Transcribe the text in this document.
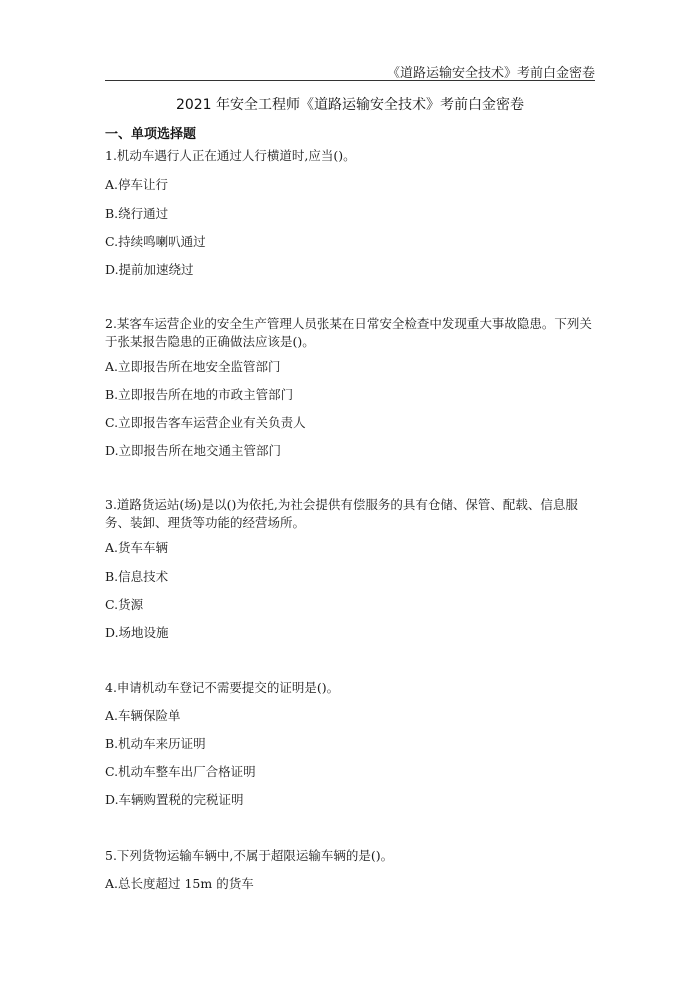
《道路运输安全技术》考前白金密卷
2021 年安全工程师《道路运输安全技术》考前白金密卷
一、单项选择题
1.机动车遇行人正在通过人行横道时,应当()。
A.停车让行
B.绕行通过
C.持续鸣喇叭通过
D.提前加速绕过
2.某客车运营企业的安全生产管理人员张某在日常安全检查中发现重大事故隐患。下列关
于张某报告隐患的正确做法应该是()。
A.立即报告所在地安全监管部门
B.立即报告所在地的市政主管部门
C.立即报告客车运营企业有关负责人
D.立即报告所在地交通主管部门
3.道路货运站(场)是以()为依托,为社会提供有偿服务的具有仓储、保管、配载、信息服
务、装卸、理货等功能的经营场所。
A.货车车辆
B.信息技术
C.货源
D.场地设施
4.申请机动车登记不需要提交的证明是()。
A.车辆保险单
B.机动车来历证明
C.机动车整车出厂合格证明
D.车辆购置税的完税证明
5.下列货物运输车辆中,不属于超限运输车辆的是()。
A.总长度超过 15m 的货车
